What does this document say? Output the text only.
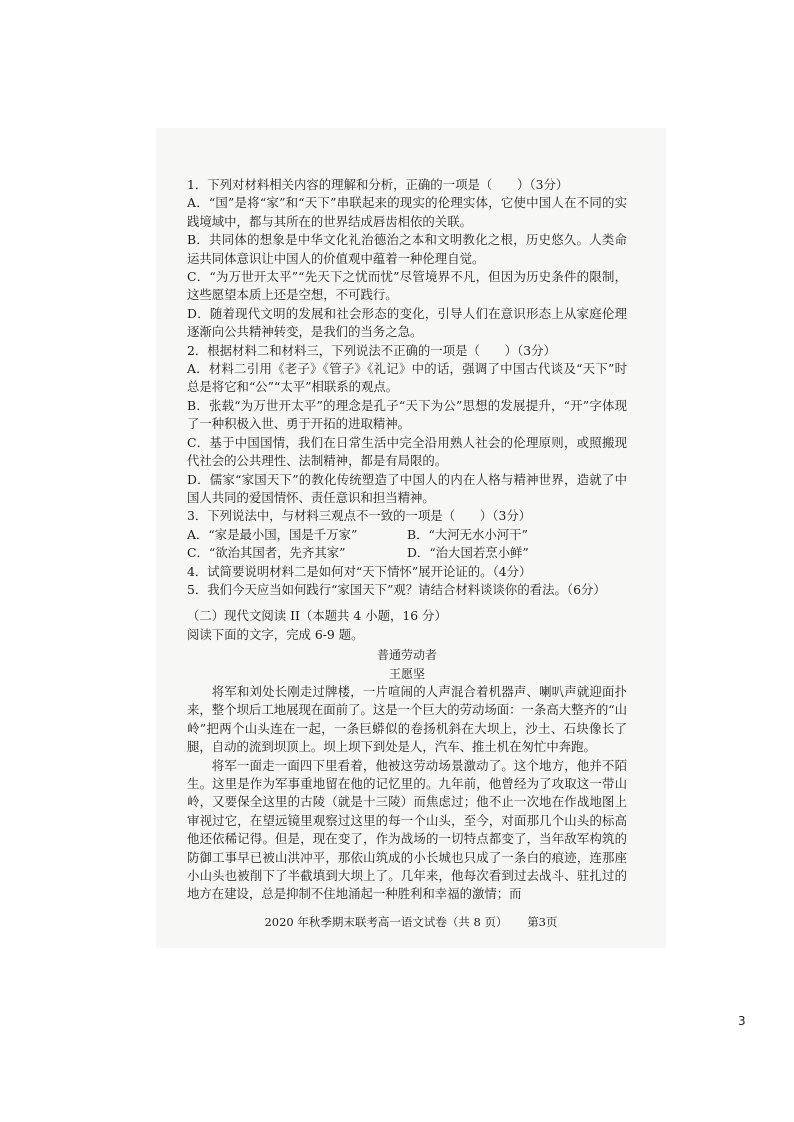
1．下列对材料相关内容的理解和分析，正确的一项是（　　）（3分）

A．“国”是将“家”和“天下”串联起来的现实的伦理实体，它使中国人在不同的实践境域中，都与其所在的世界结成唇齿相依的关联。

B．共同体的想象是中华文化礼治德治之本和文明教化之根，历史悠久。人类命运共同体意识让中国人的价值观中蕴着一种伦理自觉。

C．“为万世开太平”“先天下之忧而忧”尽管境界不凡，但因为历史条件的限制，这些愿望本质上还是空想，不可践行。

D．随着现代文明的发展和社会形态的变化，引导人们在意识形态上从家庭伦理逐渐向公共精神转变，是我们的当务之急。

2．根据材料二和材料三，下列说法不正确的一项是（　　）（3分）

A．材料二引用《老子》《管子》《礼记》中的话，强调了中国古代谈及“天下”时总是将它和“公”“太平”相联系的观点。

B．张载“为万世开太平”的理念是孔子“天下为公”思想的发展提升，“开”字体现了一种积极入世、勇于开拓的进取精神。

C．基于中国国情，我们在日常生活中完全沿用熟人社会的伦理原则，或照搬现代社会的公共理性、法制精神，都是有局限的。

D．儒家“家国天下”的教化传统塑造了中国人的内在人格与精神世界，造就了中国人共同的爱国情怀、责任意识和担当精神。

3．下列说法中，与材料三观点不一致的一项是（　　）（3分）

A．“家是最小国，国是千万家”	B．“大河无水小河干”
C．“欲治其国者，先齐其家”	D．“治大国若烹小鲜”

4．试简要说明材料二是如何对“天下情怀”展开论证的。（4分）

5．我们今天应当如何践行“家国天下”观？请结合材料谈谈你的看法。（6分）

（二）现代文阅读 II（本题共 4 小题，16 分）

阅读下面的文字，完成 6-9 题。

普通劳动者

王愿坚

将军和刘处长刚走过牌楼，一片喧闹的人声混合着机器声、喇叭声就迎面扑来，整个坝后工地展现在面前了。这是一个巨大的劳动场面：一条高大整齐的“山岭”把两个山头连在一起，一条巨蟒似的卷扬机斜在大坝上，沙土、石块像长了腿，自动的流到坝顶上。坝上坝下到处是人，汽车、推土机在匆忙中奔跑。

将军一面走一面四下里看着，他被这劳动场景激动了。这个地方，他并不陌生。这里是作为军事重地留在他的记忆里的。九年前，他曾经为了攻取这一带山岭，又要保全这里的古陵（就是十三陵）而焦虑过；他不止一次地在作战地图上审视过它，在望远镜里观察过这里的每一个山头，至今，对面那几个山头的标高他还依稀记得。但是，现在变了，作为战场的一切特点都变了，当年敌军构筑的防御工事早已被山洪冲平，那依山筑成的小长城也只成了一条白的痕迹，连那座小山头也被削下了半截填到大坝上了。几年来，他每次看到过去战斗、驻扎过的地方在建设，总是抑制不住地涌起一种胜利和幸福的激情；而

2020 年秋季期末联考高一语文试卷（共 8 页） 第3页
3
